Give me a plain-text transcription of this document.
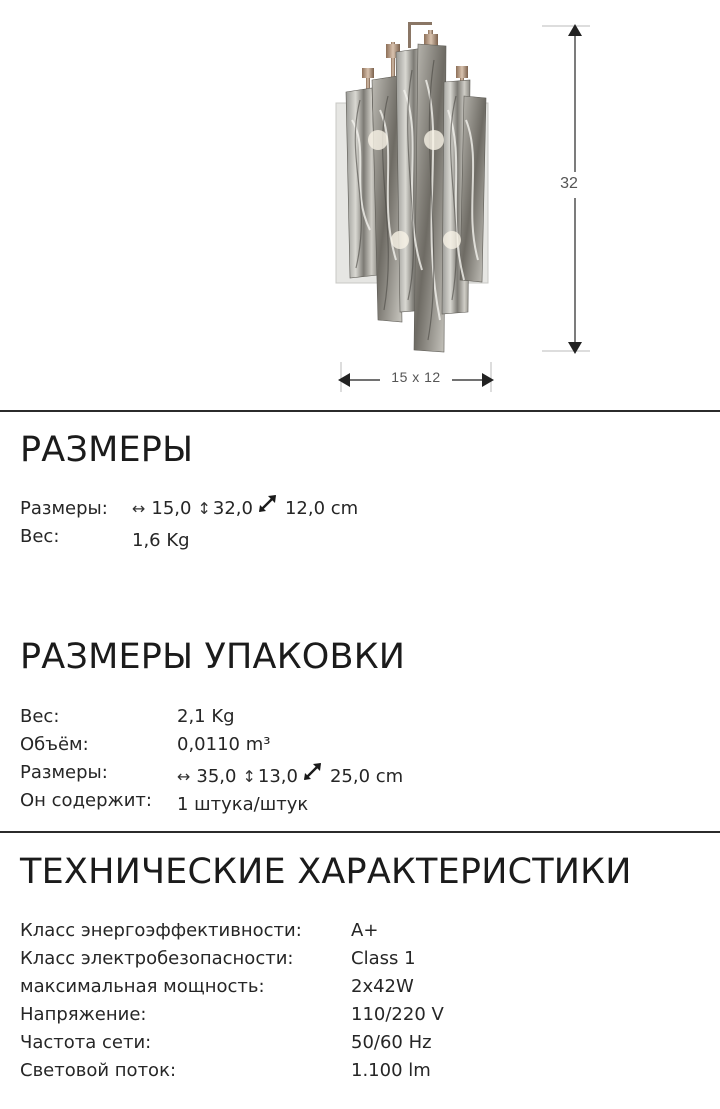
15 x 12
32
РАЗМЕРЫ
Размеры: ↔ 15,0 ↕ 32,0 12,0 cm
Вес:	1,6 Kg
РАЗМЕРЫ УПАКОВКИ
Вес:	2,1 Kg
Объём:	0,0110 m³
Размеры:	↔ 35,0 ↕ 13,0 25,0 cm
Он содержит: 1 штука/штук
ТЕХНИЧЕСКИЕ ХАРАКТЕРИСТИКИ
Класс энергоэффективности:	A+
Класс электробезопасности:	Class 1
максимальная мощность:	2x42W
Напряжение:	110/220 V
Частота сети:	50/60 Hz
Световой поток:	1.100 lm
